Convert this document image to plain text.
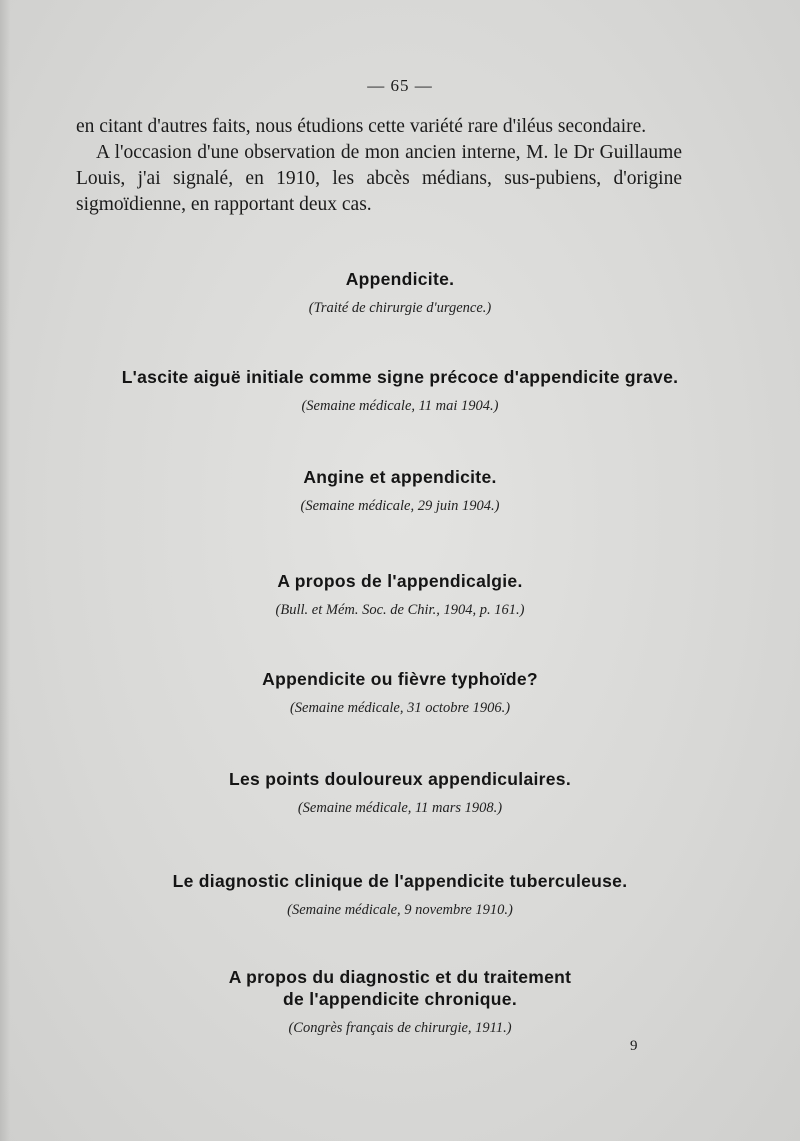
— 65 —

en citant d'autres faits, nous étudions cette variété rare d'iléus secondaire.

A l'occasion d'une observation de mon ancien interne, M. le Dr Guillaume Louis, j'ai signalé, en 1910, les abcès médians, sus-pubiens, d'origine sigmoïdienne, en rapportant deux cas.

Appendicite.
(Traité de chirurgie d'urgence.)
L'ascite aiguë initiale comme signe précoce d'appendicite grave.
(Semaine médicale, 11 mai 1904.)
Angine et appendicite.
(Semaine médicale, 29 juin 1904.)
A propos de l'appendicalgie.
(Bull. et Mém. Soc. de Chir., 1904, p. 161.)
Appendicite ou fièvre typhoïde?
(Semaine médicale, 31 octobre 1906.)
Les points douloureux appendiculaires.
(Semaine médicale, 11 mars 1908.)
Le diagnostic clinique de l'appendicite tuberculeuse.
(Semaine médicale, 9 novembre 1910.)
A propos du diagnostic et du traitement
de l'appendicite chronique.
(Congrès français de chirurgie, 1911.)
9
